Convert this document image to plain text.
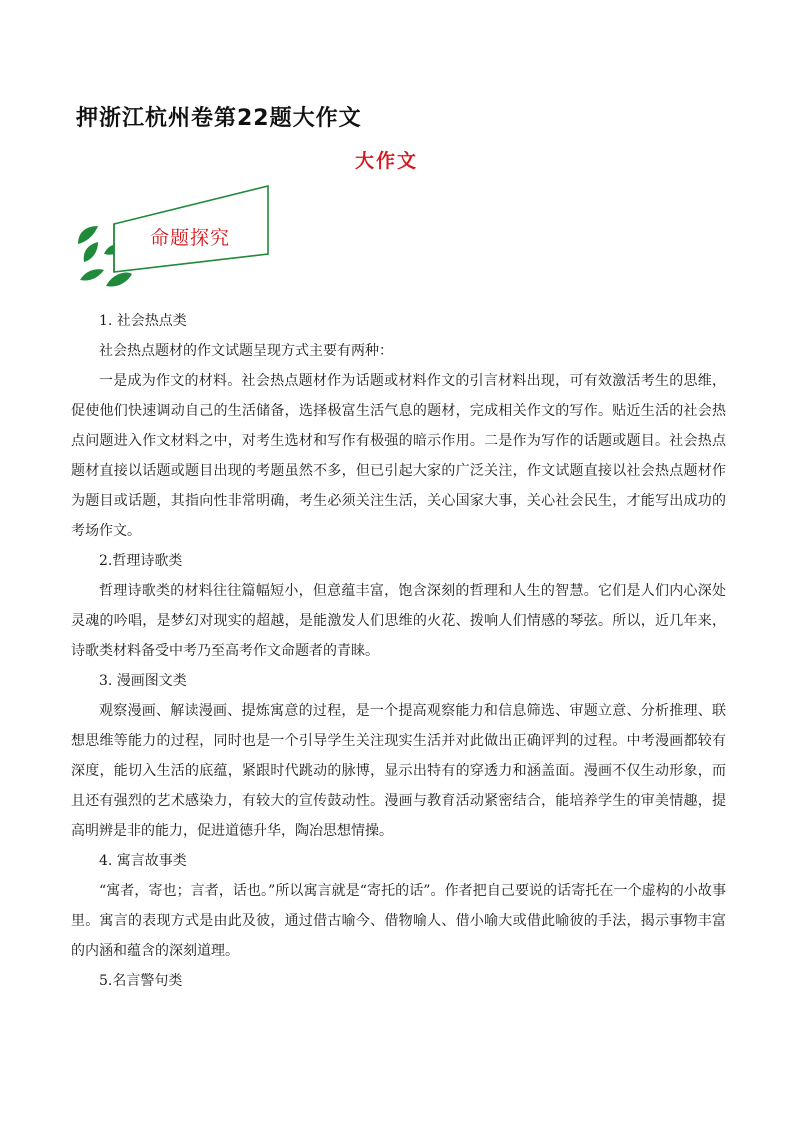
押浙江杭州卷第22题大作文
大作文
命题探究
1. 社会热点类

社会热点题材的作文试题呈现方式主要有两种：

一是成为作文的材料。社会热点题材作为话题或材料作文的引言材料出现，可有效激活考生的思维，促使他们快速调动自己的生活储备，选择极富生活气息的题材，完成相关作文的写作。贴近生活的社会热点问题进入作文材料之中，对考生选材和写作有极强的暗示作用。二是作为写作的话题或题目。社会热点题材直接以话题或题目出现的考题虽然不多，但已引起大家的广泛关注，作文试题直接以社会热点题材作为题目或话题，其指向性非常明确，考生必须关注生活，关心国家大事，关心社会民生，才能写出成功的考场作文。

2.哲理诗歌类

哲理诗歌类的材料往往篇幅短小，但意蕴丰富，饱含深刻的哲理和人生的智慧。它们是人们内心深处灵魂的吟唱，是梦幻对现实的超越，是能激发人们思维的火花、拨响人们情感的琴弦。所以，近几年来，诗歌类材料备受中考乃至高考作文命题者的青睐。

3. 漫画图文类

观察漫画、解读漫画、提炼寓意的过程，是一个提高观察能力和信息筛选、审题立意、分析推理、联想思维等能力的过程，同时也是一个引导学生关注现实生活并对此做出正确评判的过程。中考漫画都较有深度，能切入生活的底蕴，紧跟时代跳动的脉博，显示出特有的穿透力和涵盖面。漫画不仅生动形象，而且还有强烈的艺术感染力，有较大的宣传鼓动性。漫画与教育活动紧密结合，能培养学生的审美情趣，提高明辨是非的能力，促进道德升华，陶冶思想情操。

4. 寓言故事类

“寓者，寄也；言者，话也。”所以寓言就是“寄托的话”。作者把自己要说的话寄托在一个虚构的小故事里。寓言的表现方式是由此及彼，通过借古喻今、借物喻人、借小喻大或借此喻彼的手法，揭示事物丰富的内涵和蕴含的深刻道理。

5.名言警句类
